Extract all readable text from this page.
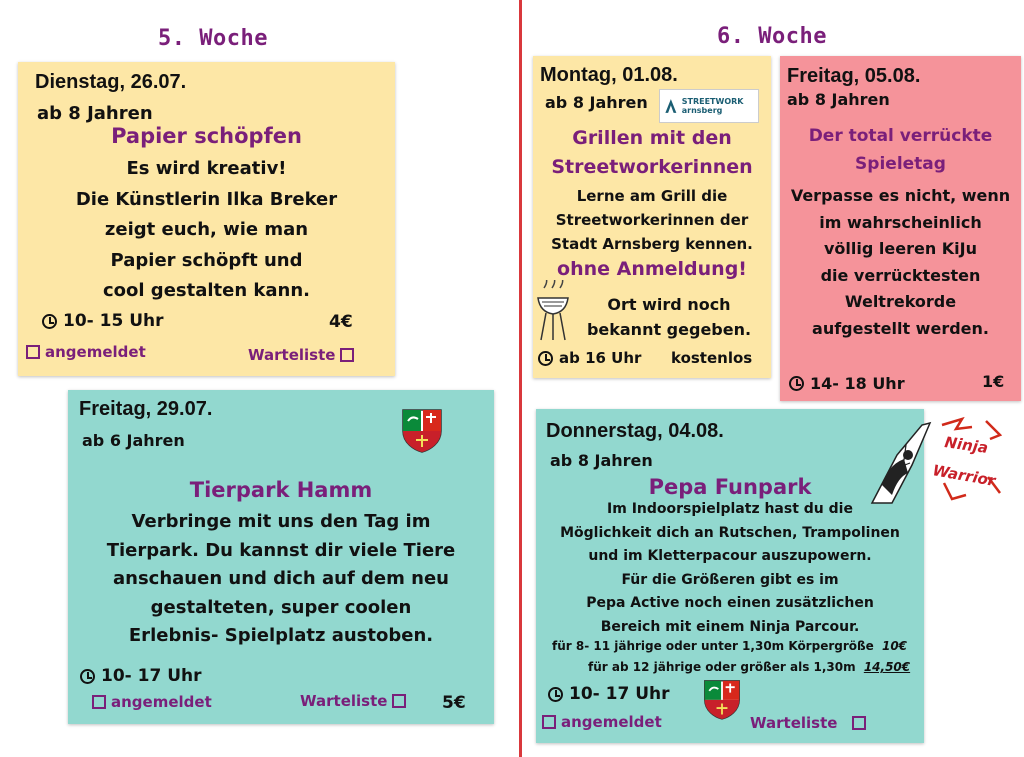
5. Woche	6. Woche
Dienstag, 26.07.
ab 8 Jahren
Papier schöpfen
Es wird kreativ!
Die Künstlerin Ilka Breker
zeigt euch, wie man
Papier schöpft und
cool gestalten kann.
10- 15 Uhr	4€
angemeldet	Warteliste
Freitag, 29.07.
ab 6 Jahren
Tierpark Hamm
Verbringe mit uns den Tag im
Tierpark. Du kannst dir viele Tiere
anschauen und dich auf dem neu
gestalteten, super coolen
Erlebnis- Spielplatz austoben.
10- 17 Uhr
angemeldet	Warteliste	5€
Montag, 01.08.
ab 8 Jahren	STREETWORK arnsberg
Grillen mit den
Streetworkerinnen
Lerne am Grill die
Streetworkerinnen der
Stadt Arnsberg kennen.
ohne Anmeldung!
Ort wird noch
bekannt gegeben.
ab 16 Uhr kostenlos
Freitag, 05.08.
ab 8 Jahren
Der total verrückte
Spieletag
Verpasse es nicht, wenn
im wahrscheinlich
völlig leeren KiJu
die verrücktesten
Weltrekorde
aufgestellt werden.
14- 18 Uhr	1€
Donnerstag, 04.08.
ab 8 Jahren
Pepa Funpark
Im Indoorspielplatz hast du die
Möglichkeit dich an Rutschen, Trampolinen
und im Kletterpacour auszupowern.
Für die Größeren gibt es im
Pepa Active noch einen zusätzlichen
Bereich mit einem Ninja Parcour.
für 8- 11 jährige oder unter 1,30m Körpergröße 10€
für ab 12 jährige oder größer als 1,30m 14,50€
10- 17 Uhr
angemeldet	Warteliste
Ninja
Warrior
